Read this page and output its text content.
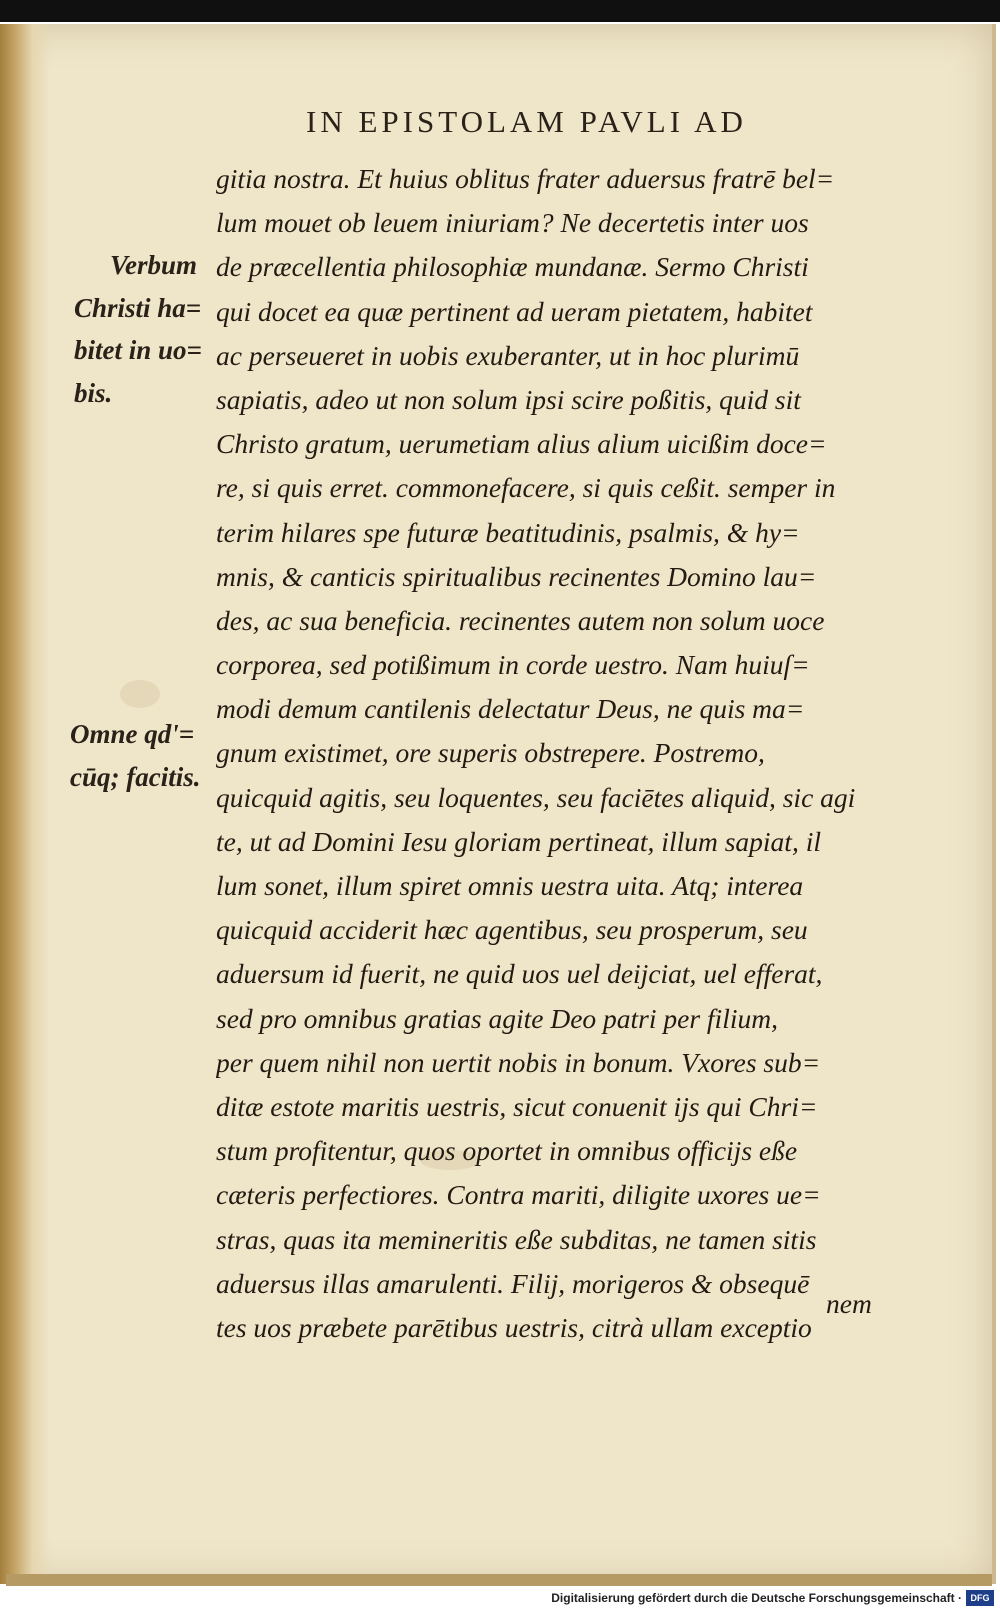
IN EPISTOLAM PAVLI AD
gitia nostra. Et huius oblitus frater aduersus fratrē bel=
lum mouet ob leuem iniuriam? Ne decertetis inter uos
de præcellentia philosophiæ mundanæ. Sermo Christi
qui docet ea quæ pertinent ad ueram pietatem, habitet
ac perseueret in uobis exuberanter, ut in hoc plurimū
sapiatis, adeo ut non solum ipsi scire poßitis, quid sit
Christo gratum, uerumetiam alius alium uicißim doce=
re, si quis erret. commonefacere, si quis ceßit. semper in
terim hilares spe futuræ beatitudinis, psalmis, & hy=
mnis, & canticis spiritualibus recinentes Domino lau=
des, ac sua beneficia. recinentes autem non solum uoce
corporea, sed potißimum in corde uestro. Nam huiuſ=
modi demum cantilenis delectatur Deus, ne quis ma=
gnum existimet, ore superis obstrepere. Postremo,
quicquid agitis, seu loquentes, seu faciētes aliquid, sic agi
te, ut ad Domini Iesu gloriam pertineat, illum sapiat, il
lum sonet, illum spiret omnis uestra uita. Atq; interea
quicquid acciderit hæc agentibus, seu prosperum, seu
aduersum id fuerit, ne quid uos uel deijciat, uel efferat,
sed pro omnibus gratias agite Deo patri per filium,
per quem nihil non uertit nobis in bonum. Vxores sub=
ditæ estote maritis uestris, sicut conuenit ijs qui Chri=
stum profitentur, quos oportet in omnibus officijs eße
cæteris perfectiores. Contra mariti, diligite uxores ue=
stras, quas ita memineritis eße subditas, ne tamen sitis
aduersus illas amarulenti. Filij, morigeros & obsequē
tes uos præbete parētibus uestris, citrà ullam exceptio
Verbum
Christi ha=
bitet in uo=
bis.
Omne qd'=
cūq; facitis.
nem
Digitalisierung gefördert durch die Deutsche Forschungsgemeinschaft · DFG
